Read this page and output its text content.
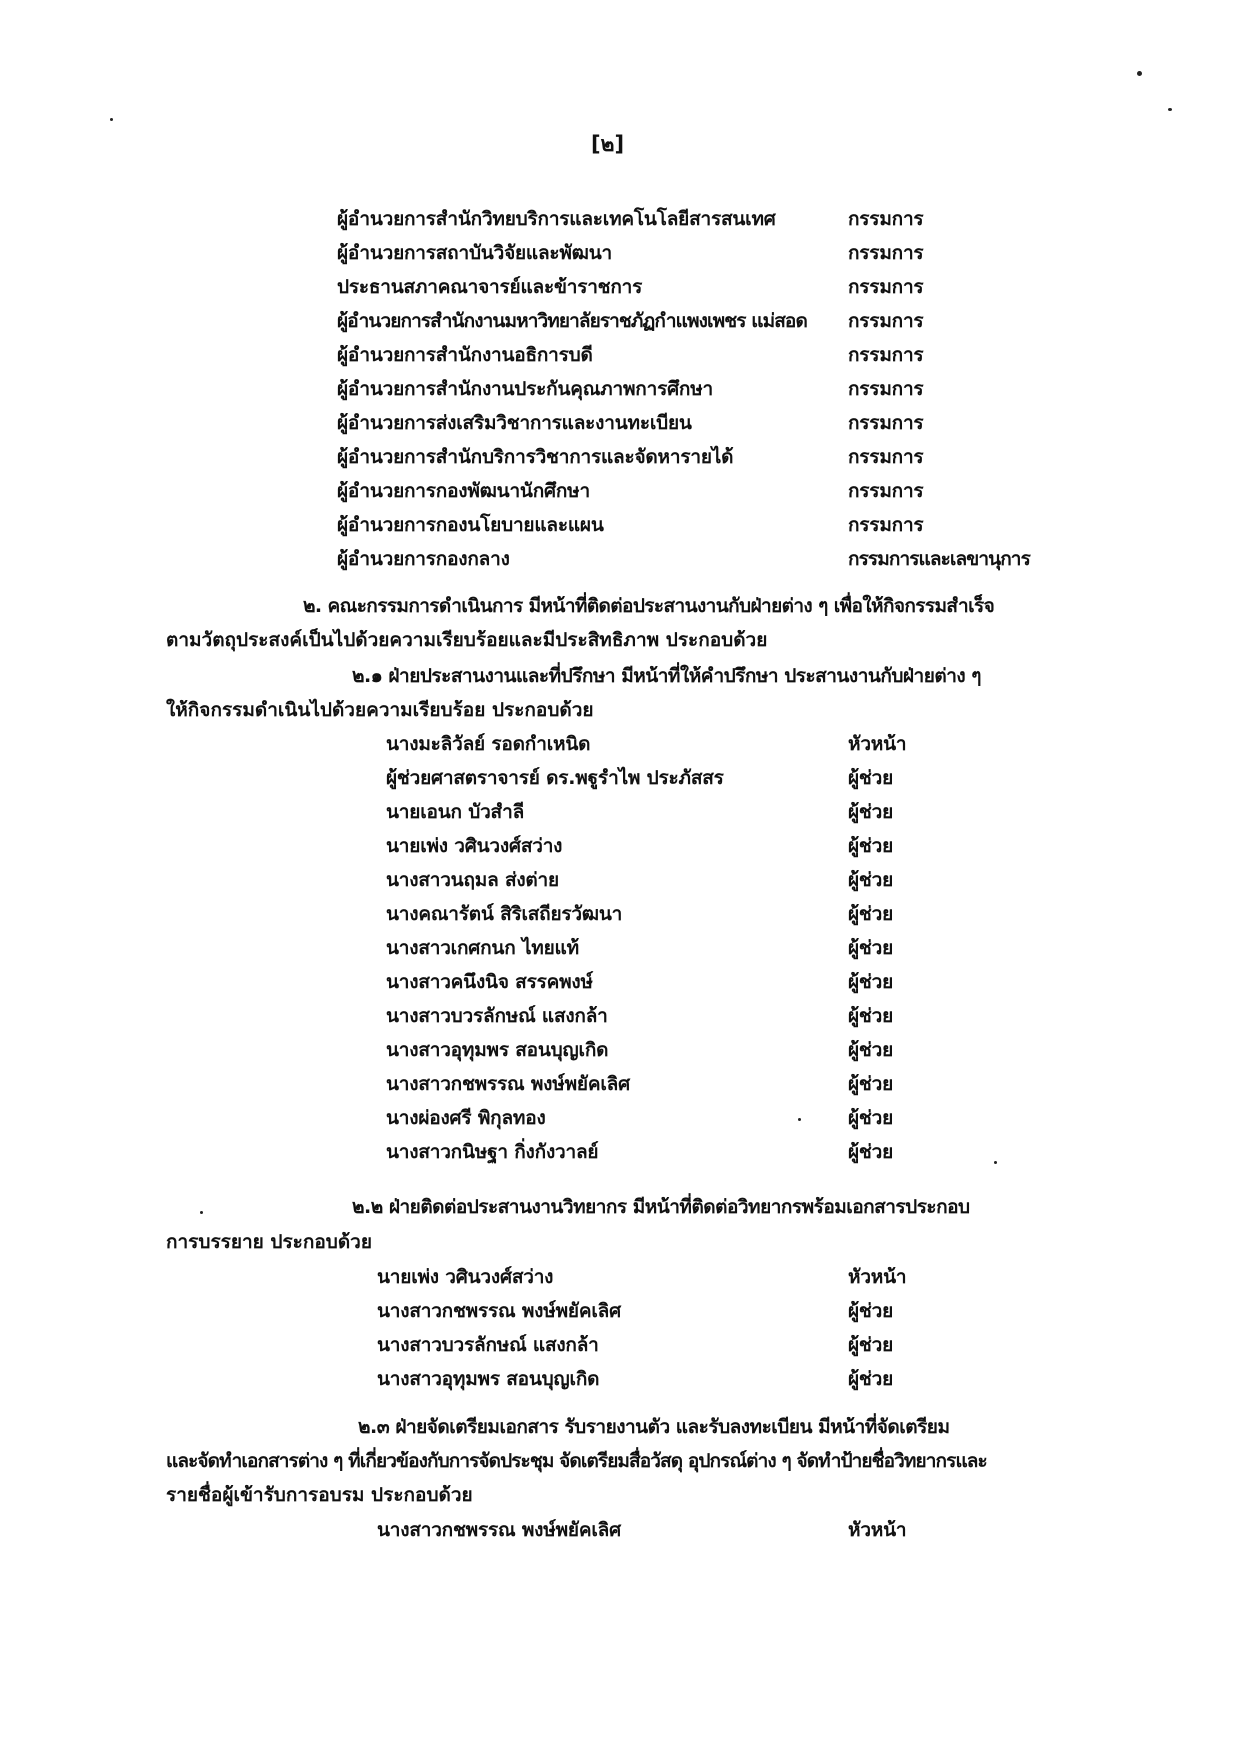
[๒]
ผู้อำนวยการสำนักวิทยบริการและเทคโนโลยีสารสนเทศ	กรรมการ
ผู้อำนวยการสถาบันวิจัยและพัฒนา	กรรมการ
ประธานสภาคณาจารย์และข้าราชการ	กรรมการ
ผู้อำนวยการสำนักงานมหาวิทยาลัยราชภัฏกำแพงเพชร แม่สอด กรรมการ
ผู้อำนวยการสำนักงานอธิการบดี	กรรมการ
ผู้อำนวยการสำนักงานประกันคุณภาพการศึกษา	กรรมการ
ผู้อำนวยการส่งเสริมวิชาการและงานทะเบียน	กรรมการ
ผู้อำนวยการสำนักบริการวิชาการและจัดหารายได้	กรรมการ
ผู้อำนวยการกองพัฒนานักศึกษา	กรรมการ
ผู้อำนวยการกองนโยบายและแผน	กรรมการ
ผู้อำนวยการกองกลาง	กรรมการและเลขานุการ
๒. คณะกรรมการดำเนินการ มีหน้าที่ติดต่อประสานงานกับฝ่ายต่าง ๆ เพื่อให้กิจกรรมสำเร็จ
ตามวัตถุประสงค์เป็นไปด้วยความเรียบร้อยและมีประสิทธิภาพ ประกอบด้วย
๒.๑ ฝ่ายประสานงานและที่ปรึกษา มีหน้าที่ให้คำปรึกษา ประสานงานกับฝ่ายต่าง ๆ
ให้กิจกรรมดำเนินไปด้วยความเรียบร้อย ประกอบด้วย
นางมะลิวัลย์ รอดกำเหนิด	หัวหน้า
ผู้ช่วยศาสตราจารย์ ดร.พฐูรำไพ ประภัสสร	ผู้ช่วย
นายเอนก บัวสำลี	ผู้ช่วย
นายเพ่ง วศินวงศ์สว่าง	ผู้ช่วย
นางสาวนฤมล ส่งต่าย	ผู้ช่วย
นางคณารัตน์ สิริเสถียรวัฒนา	ผู้ช่วย
นางสาวเกศกนก ไทยแท้	ผู้ช่วย
นางสาวคนึงนิจ สรรคพงษ์	ผู้ช่วย
นางสาวบวรลักษณ์ แสงกล้า	ผู้ช่วย
นางสาวอุทุมพร สอนบุญเกิด	ผู้ช่วย
นางสาวกชพรรณ พงษ์พยัคเลิศ	ผู้ช่วย
นางผ่องศรี พิกุลทอง	ผู้ช่วย
นางสาวกนิษฐา กิ่งกังวาลย์	ผู้ช่วย
๒.๒ ฝ่ายติดต่อประสานงานวิทยากร มีหน้าที่ติดต่อวิทยากรพร้อมเอกสารประกอบ
การบรรยาย ประกอบด้วย
นายเพ่ง วศินวงศ์สว่าง	หัวหน้า
นางสาวกชพรรณ พงษ์พยัคเลิศ	ผู้ช่วย
นางสาวบวรลักษณ์ แสงกล้า	ผู้ช่วย
นางสาวอุทุมพร สอนบุญเกิด	ผู้ช่วย
๒.๓ ฝ่ายจัดเตรียมเอกสาร รับรายงานตัว และรับลงทะเบียน มีหน้าที่จัดเตรียม
และจัดทำเอกสารต่าง ๆ ที่เกี่ยวข้องกับการจัดประชุม จัดเตรียมสื่อวัสดุ อุปกรณ์ต่าง ๆ จัดทำป้ายชื่อวิทยากรและ
รายชื่อผู้เข้ารับการอบรม ประกอบด้วย
นางสาวกชพรรณ พงษ์พยัคเลิศ	หัวหน้า
